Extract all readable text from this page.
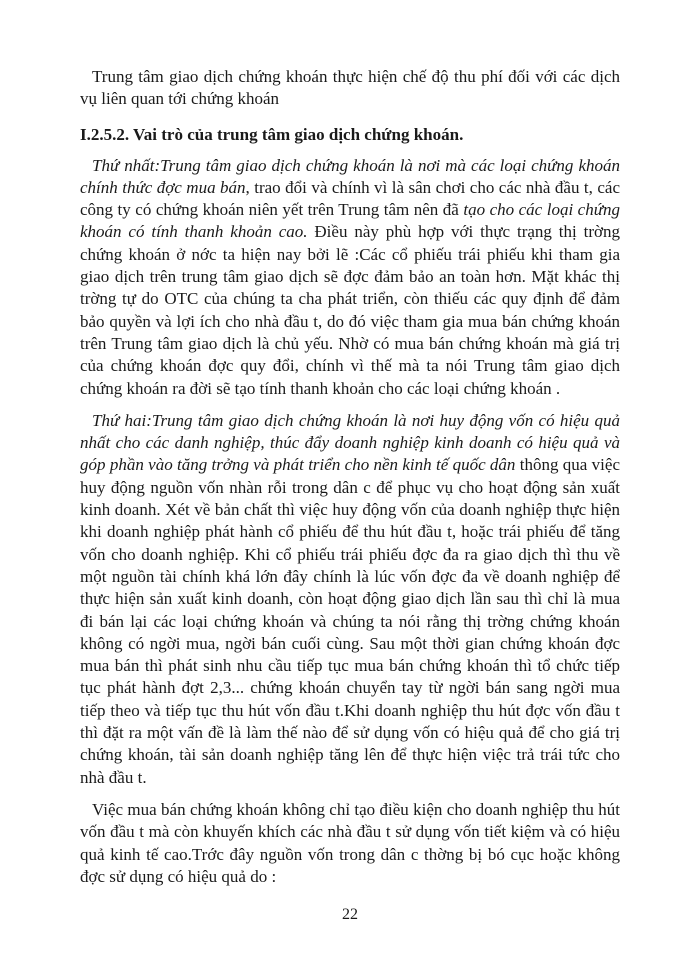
Trung tâm giao dịch chứng khoán thực hiện chế độ thu phí đối với các dịch vụ liên quan tới chứng khoán

I.2.5.2. Vai trò của trung tâm giao dịch chứng khoán.

Thứ nhất:Trung tâm giao dịch chứng khoán là nơi mà các loại chứng khoán chính thức đợc mua bán, trao đổi và chính vì là sân chơi cho các nhà đầu t, các công ty có chứng khoán niên yết trên Trung tâm nên đã tạo cho các loại chứng khoán có tính thanh khoản cao. Điều này phù hợp với thực trạng thị trờng chứng khoán ở nớc ta hiện nay bởi lẽ :Các cổ phiếu trái phiếu khi tham gia giao dịch trên trung tâm giao dịch sẽ đợc đảm bảo an toàn hơn. Mặt khác thị trờng tự do OTC của chúng ta cha phát triển, còn thiếu các quy định để đảm bảo quyền và lợi ích cho nhà đầu t, do đó việc tham gia mua bán chứng khoán trên Trung tâm giao dịch là chủ yếu. Nhờ có mua bán chứng khoán mà giá trị của chứng khoán đợc quy đổi, chính vì thế mà ta nói Trung tâm giao dịch chứng khoán ra đời sẽ tạo tính thanh khoản cho các loại chứng khoán .

Thứ hai:Trung tâm giao dịch chứng khoán là nơi huy động vốn có hiệu quả nhất cho các danh nghiệp, thúc đẩy doanh nghiệp kinh doanh có hiệu quả và góp phần vào tăng trởng và phát triển cho nền kinh tế quốc dân thông qua việc huy động nguồn vốn nhàn rỗi trong dân c để phục vụ cho hoạt động sản xuất kinh doanh. Xét về bản chất thì việc huy động vốn của doanh nghiệp thực hiện khi doanh nghiệp phát hành cổ phiếu để thu hút đầu t, hoặc trái phiếu để tăng vốn cho doanh nghiệp. Khi cổ phiếu trái phiếu đợc đa ra giao dịch thì thu về một nguồn tài chính khá lớn đây chính là lúc vốn đợc đa về doanh nghiệp để thực hiện sản xuất kinh doanh, còn hoạt động giao dịch lần sau thì chỉ là mua đi bán lại các loại chứng khoán và chúng ta nói rằng thị trờng chứng khoán không có ngời mua, ngời bán cuối cùng. Sau một thời gian chứng khoán đợc mua bán thì phát sinh nhu cầu tiếp tục mua bán chứng khoán thì tổ chức tiếp tục phát hành đợt 2,3... chứng khoán chuyển tay từ ngời bán sang ngời mua tiếp theo và tiếp tục thu hút vốn đầu t.Khi doanh nghiệp thu hút đợc vốn đầu t thì đặt ra một vấn đề là làm thế nào để sử dụng vốn có hiệu quả để cho giá trị chứng khoán, tài sản doanh nghiệp tăng lên để thực hiện việc trả trái tức cho nhà đầu t.

Việc mua bán chứng khoán không chỉ tạo điều kiện cho doanh nghiệp thu hút vốn đầu t mà còn khuyến khích các nhà đầu t sử dụng vốn tiết kiệm và có hiệu quả kinh tế cao.Trớc đây nguồn vốn trong dân c thờng bị bó cục hoặc không đợc sử dụng có hiệu quả do :

22
